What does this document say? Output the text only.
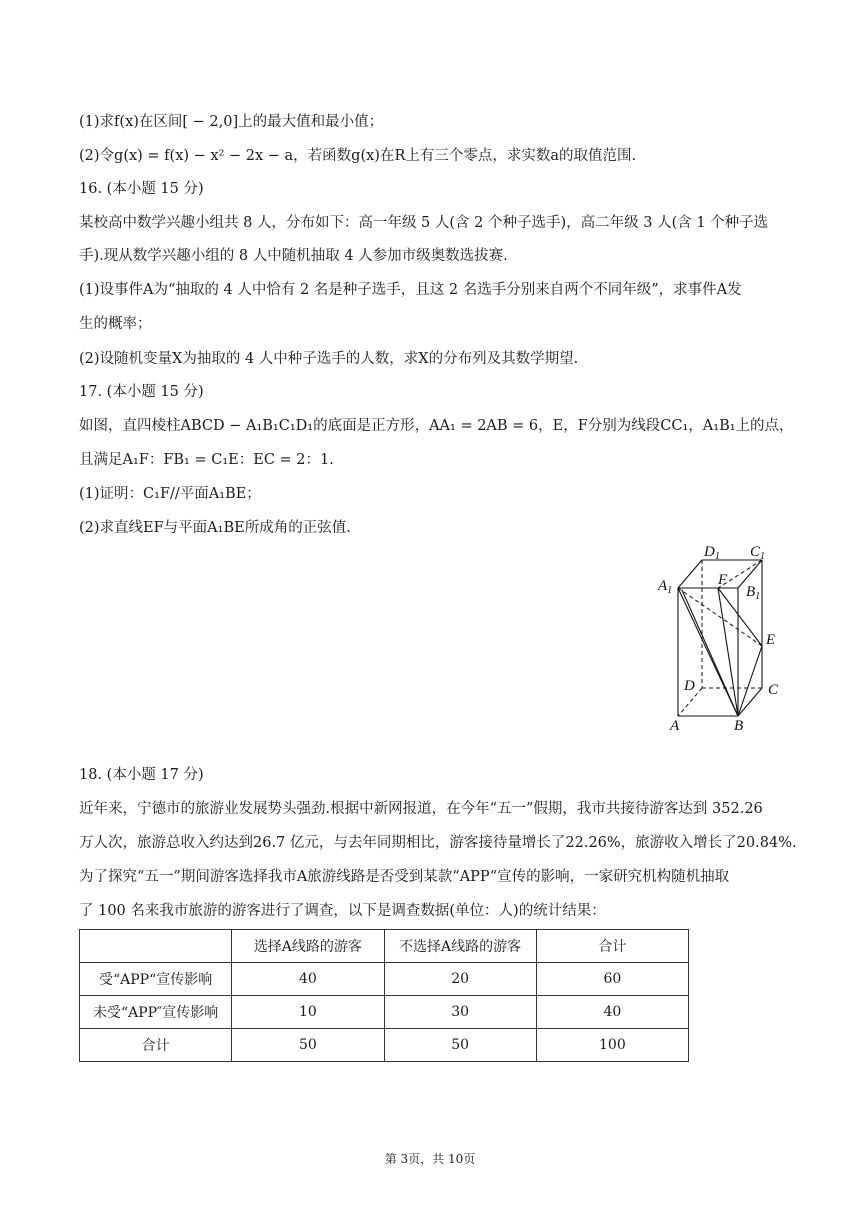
(1)求f(x)在区间[ − 2,0]上的最大值和最小值；
(2)令g(x) = f(x) − x² − 2x − a，若函数g(x)在R上有三个零点，求实数a的取值范围.
16. (本小题 15 分)
某校高中数学兴趣小组共 8 人，分布如下：高一年级 5 人(含 2 个种子选手)，高二年级 3 人(含 1 个种子选
手).现从数学兴趣小组的 8 人中随机抽取 4 人参加市级奥数选拔赛.
(1)设事件A为“抽取的 4 人中恰有 2 名是种子选手，且这 2 名选手分别来自两个不同年级”，求事件A发
生的概率；
(2)设随机变量X为抽取的 4 人中种子选手的人数，求X的分布列及其数学期望.
17. (本小题 15 分)
如图，直四棱柱ABCD − A₁B₁C₁D₁的底面是正方形，AA₁ = 2AB = 6，E，F分别为线段CC₁，A₁B₁上的点，
且满足A₁F：FB₁ = C₁E：EC = 2：1.
(1)证明：C₁F//平面A₁BE；
(2)求直线EF与平面A₁BE所成角的正弦值.
$D_1$ $C_1$
$A_1$
F
$B_1$
E
D	C
A	B
18. (本小题 17 分)
近年来，宁德市的旅游业发展势头强劲.根据中新网报道，在今年“五一”假期，我市共接待游客达到 352.26
万人次，旅游总收入约达到26.7 亿元，与去年同期相比，游客接待量增长了22.26%，旅游收入增长了20.84%.
为了探究“五一”期间游客选择我市A旅游线路是否受到某款“APP“宣传的影响，一家研究机构随机抽取
了 100 名来我市旅游的游客进行了调查，以下是调查数据(单位：人)的统计结果：
	选择A线路的游客	不选择A线路的游客	合计
受“APP“宣传影响	40	20	60
未受“APP″宣传影响	10	30	40
合计	50	50	100
第 3页，共 10页
